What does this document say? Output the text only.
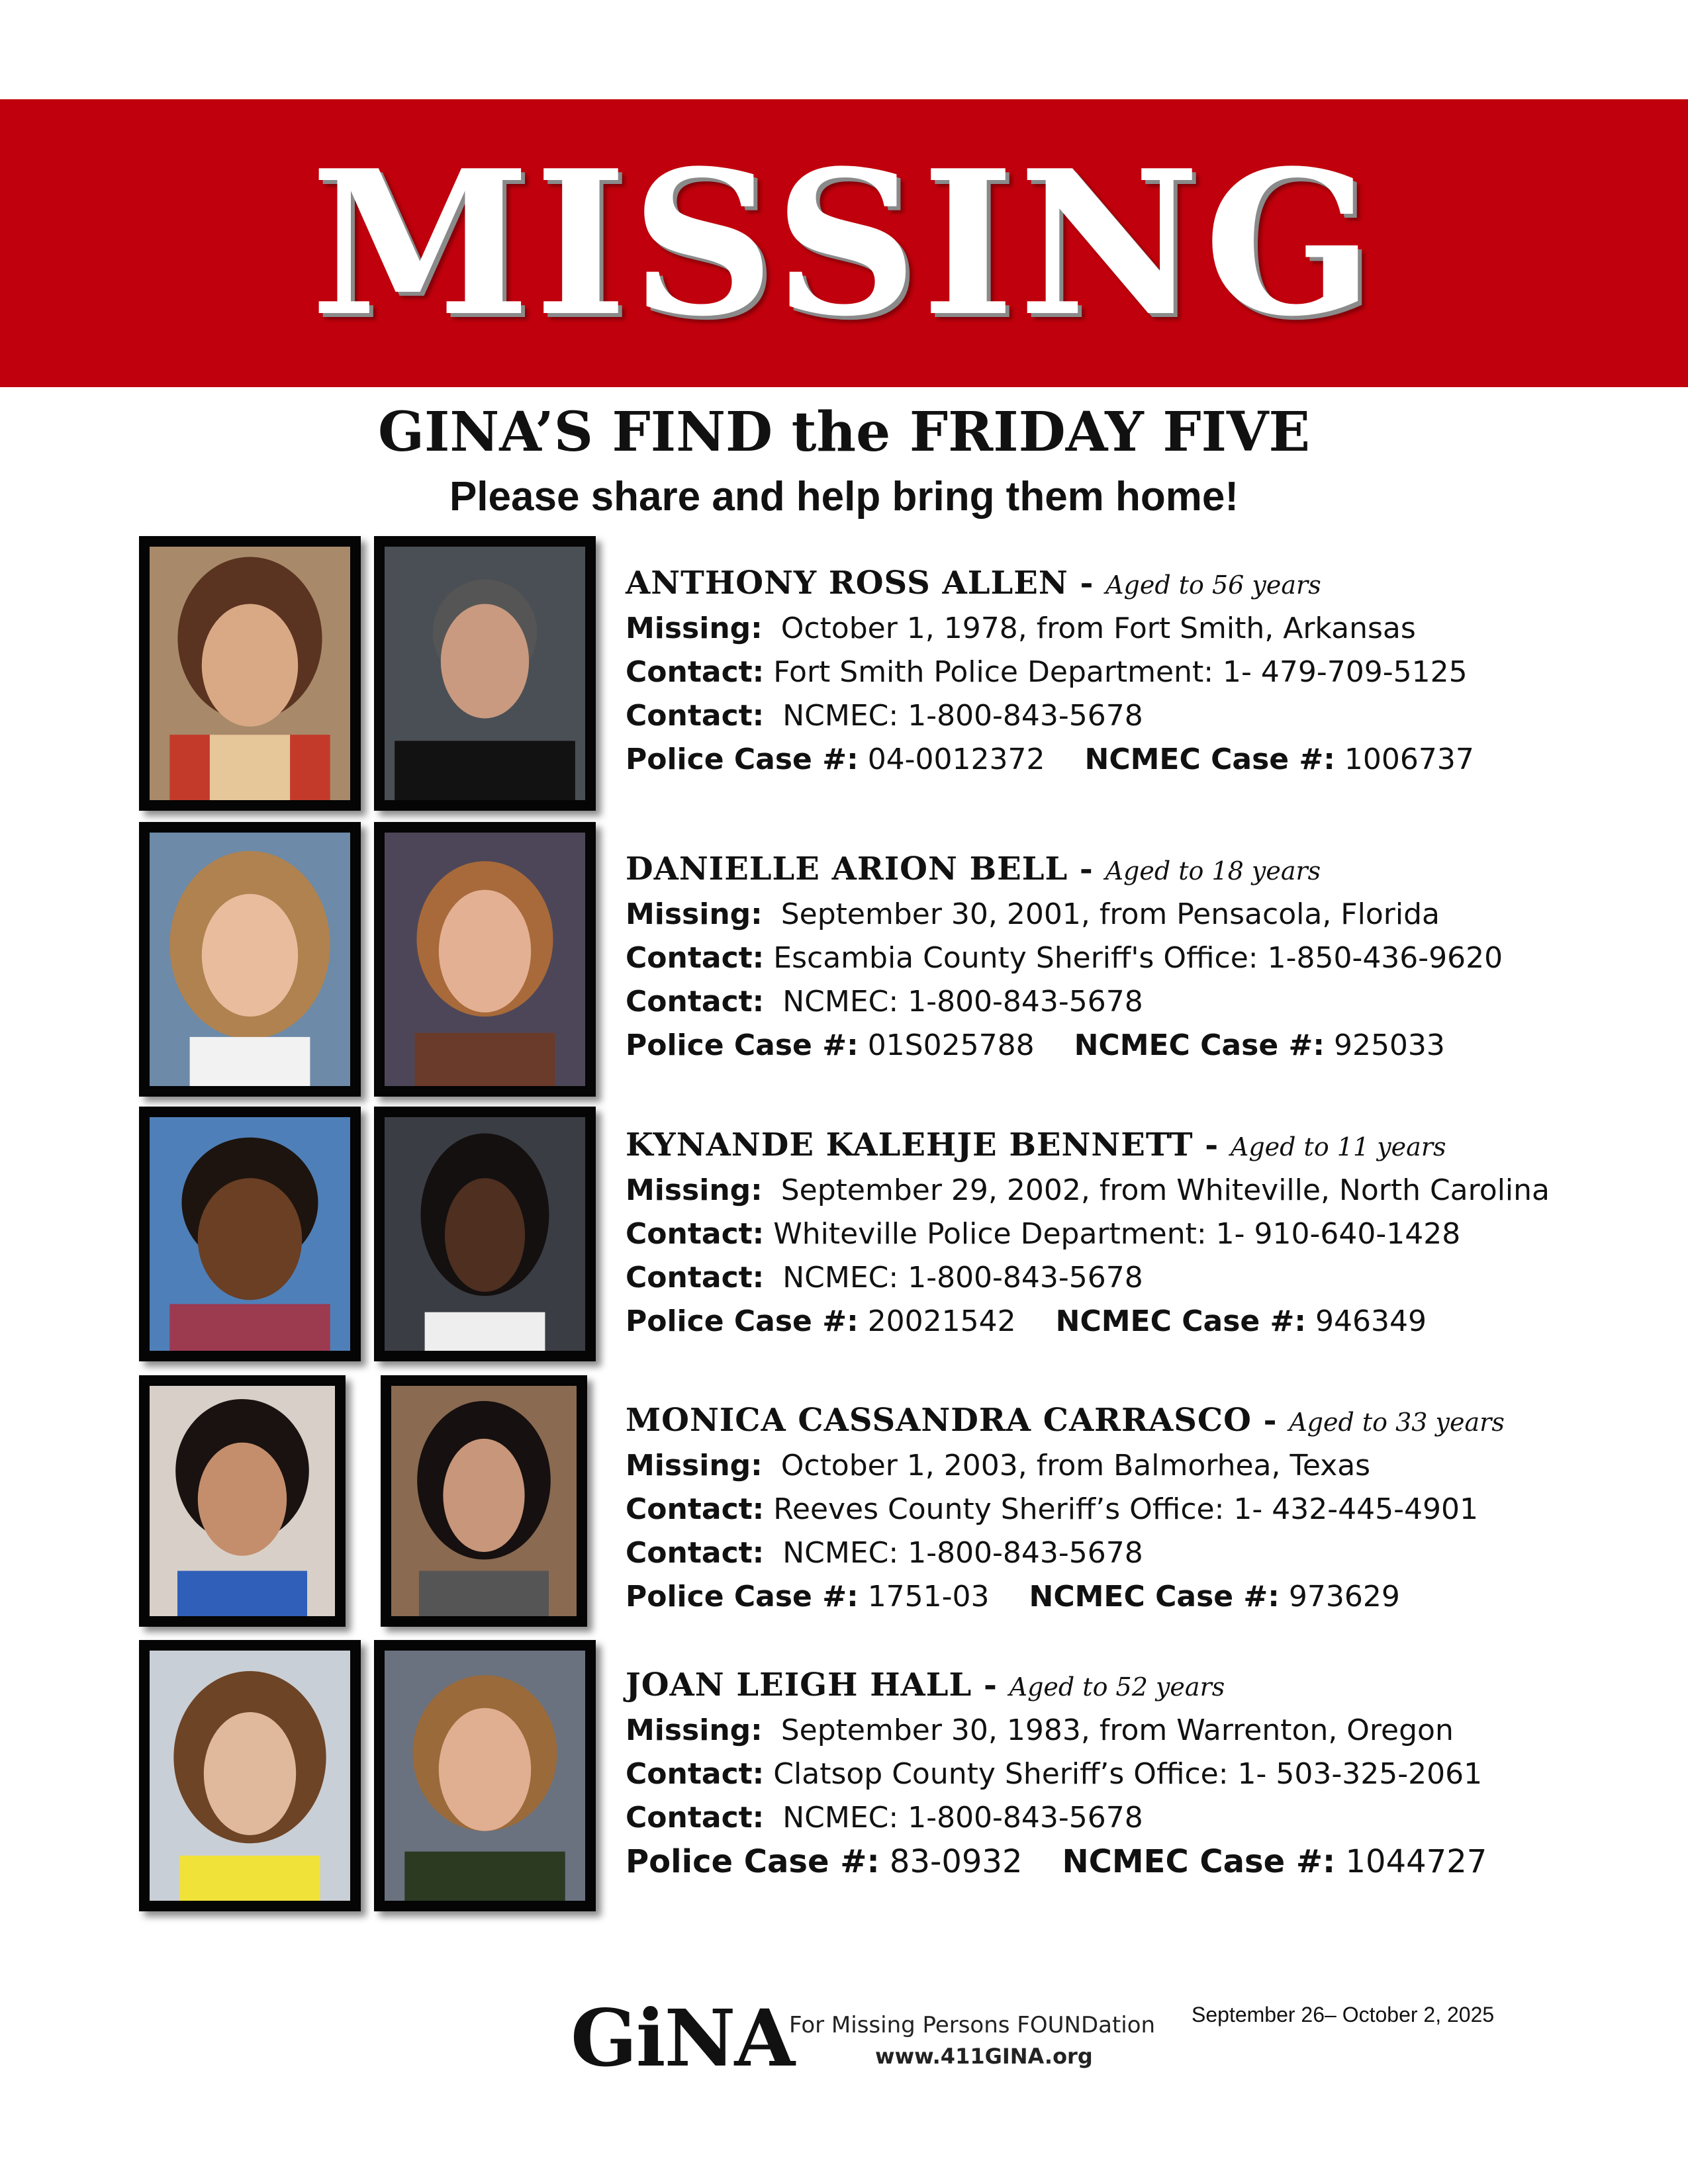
MISSING
GINA’S FIND the FRIDAY FIVE
Please share and help bring them home!
ANTHONY ROSS ALLEN - Aged to 56 years
Missing: October 1, 1978, from Fort Smith, Arkansas
Contact: Fort Smith Police Department: 1- 479-709-5125
Contact: NCMEC: 1-800-843-5678
Police Case #: 04-0012372 NCMEC Case #: 1006737
DANIELLE ARION BELL - Aged to 18 years
Missing: September 30, 2001, from Pensacola, Florida
Contact: Escambia County Sheriff's Office: 1-850-436-9620
Contact: NCMEC: 1-800-843-5678
Police Case #: 01S025788 NCMEC Case #: 925033
KYNANDE KALEHJE BENNETT - Aged to 11 years
Missing: September 29, 2002, from Whiteville, North Carolina
Contact: Whiteville Police Department: 1- 910-640-1428
Contact: NCMEC: 1-800-843-5678
Police Case #: 20021542 NCMEC Case #: 946349
MONICA CASSANDRA CARRASCO - Aged to 33 years
Missing: October 1, 2003, from Balmorhea, Texas
Contact: Reeves County Sheriff’s Office: 1- 432-445-4901
Contact: NCMEC: 1-800-843-5678
Police Case #: 1751-03 NCMEC Case #: 973629
JOAN LEIGH HALL - Aged to 52 years
Missing: September 30, 1983, from Warrenton, Oregon
Contact: Clatsop County Sheriff’s Office: 1- 503-325-2061
Contact: NCMEC: 1-800-843-5678
Police Case #: 83-0932 NCMEC Case #: 1044727
GiNA
For Missing Persons FOUNDation
www.411GINA.org
September 26– October 2, 2025
